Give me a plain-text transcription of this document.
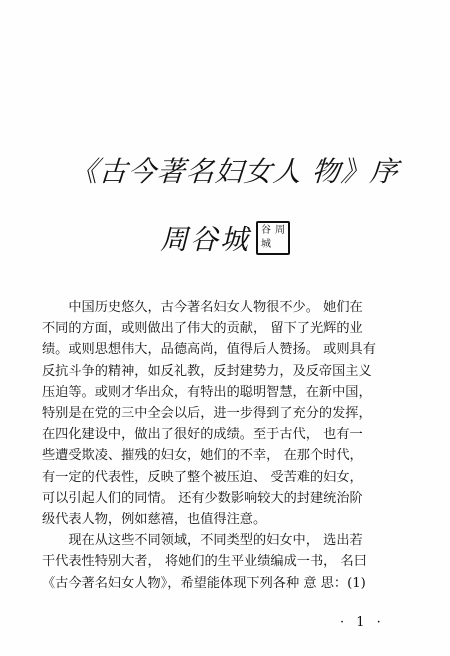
《古今著名妇女人 物》序
周谷城 谷 周
城
　　中国历史悠久，古今著名妇女人物很不少。 她们在
不同的方面，或则做出了伟大的贡献， 留下了光辉的业
绩。或则思想伟大，品德高尚，值得后人赞扬。 或则具有
反抗斗争的精神，如反礼教，反封建势力，及反帝国主义
压迫等。或则才华出众，有特出的聪明智慧，在新中国，
特别是在党的三中全会以后，进一步得到了充分的发挥，
在四化建设中，做出了很好的成绩。至于古代， 也有一
些遭受欺凌、摧残的妇女，她们的不幸， 在那个时代，
有一定的代表性，反映了整个被压迫、 受苦难的妇女，
可以引起人们的同情。 还有少数影响较大的封建统治阶
级代表人物，例如慈禧，也值得注意。
　　现在从这些不同领域，不同类型的妇女中， 选出若
干代表性特别大者， 将她们的生平业绩编成一书， 名曰
《古今著名妇女人物》，希望能体现下列各种 意 思：(1)
· 1 ·
